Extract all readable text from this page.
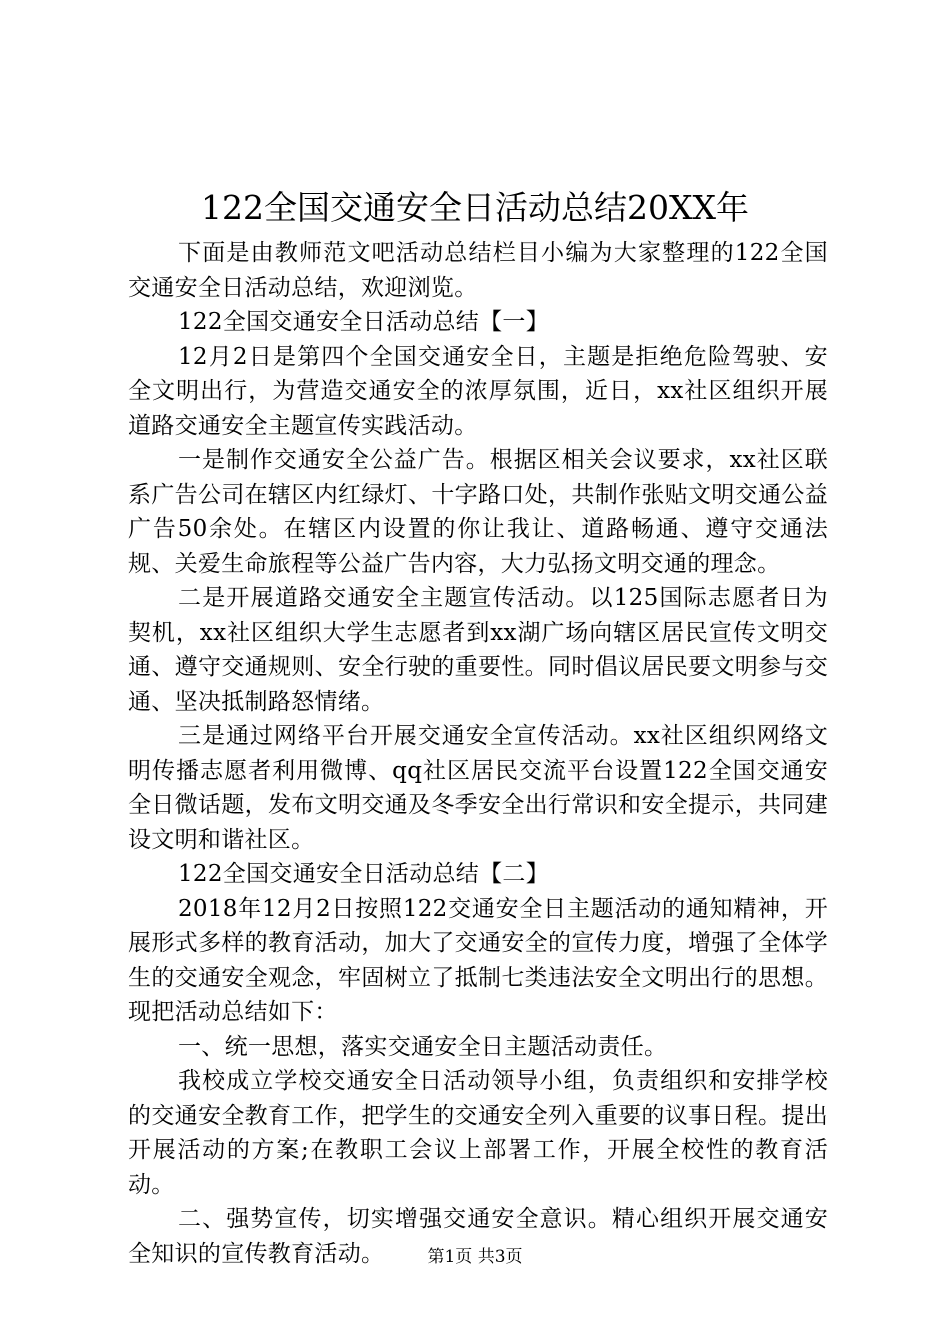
122全国交通安全日活动总结20XX年

下面是由教师范文吧活动总结栏目小编为大家整理的122全国交通安全日活动总结，欢迎浏览。

122全国交通安全日活动总结【一】

12月2日是第四个全国交通安全日，主题是拒绝危险驾驶、安全文明出行，为营造交通安全的浓厚氛围，近日，xx社区组织开展道路交通安全主题宣传实践活动。

一是制作交通安全公益广告。根据区相关会议要求，xx社区联系广告公司在辖区内红绿灯、十字路口处，共制作张贴文明交通公益广告50余处。在辖区内设置的你让我让、道路畅通、遵守交通法规、关爱生命旅程等公益广告内容，大力弘扬文明交通的理念。

二是开展道路交通安全主题宣传活动。以125国际志愿者日为契机，xx社区组织大学生志愿者到xx湖广场向辖区居民宣传文明交通、遵守交通规则、安全行驶的重要性。同时倡议居民要文明参与交通、坚决抵制路怒情绪。

三是通过网络平台开展交通安全宣传活动。xx社区组织网络文明传播志愿者利用微博、qq社区居民交流平台设置122全国交通安全日微话题，发布文明交通及冬季安全出行常识和安全提示，共同建设文明和谐社区。

122全国交通安全日活动总结【二】

2018年12月2日按照122交通安全日主题活动的通知精神，开展形式多样的教育活动，加大了交通安全的宣传力度，增强了全体学生的交通安全观念，牢固树立了抵制七类违法安全文明出行的思想。现把活动总结如下：

一、统一思想，落实交通安全日主题活动责任。

我校成立学校交通安全日活动领导小组，负责组织和安排学校的交通安全教育工作，把学生的交通安全列入重要的议事日程。提出开展活动的方案;在教职工会议上部署工作，开展全校性的教育活动。

二、强势宣传，切实增强交通安全意识。精心组织开展交通安全知识的宣传教育活动。	第1页 共3页
